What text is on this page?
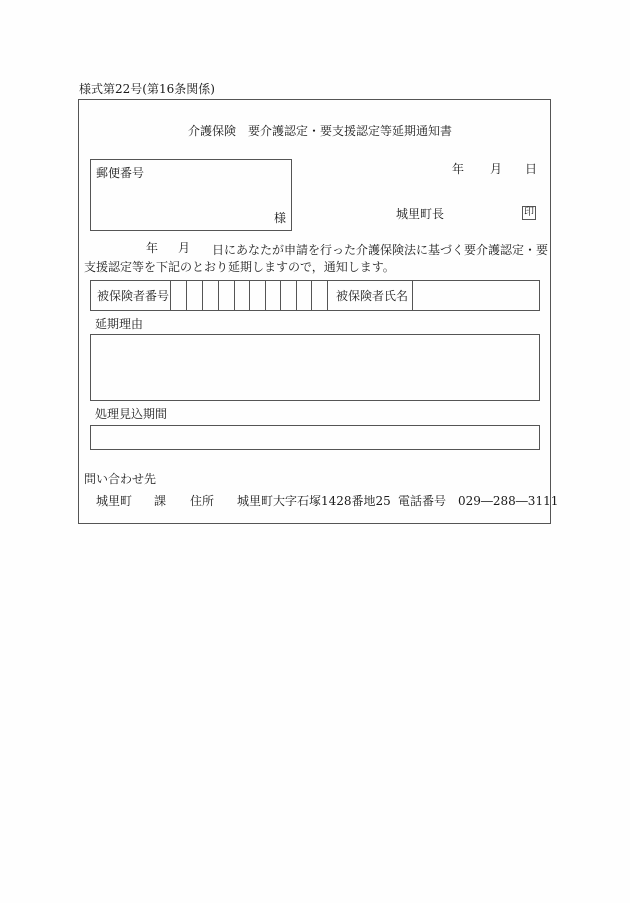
様式第22号(第16条関係)
介護保険　要介護認定・要支援認定等延期通知書
年 月 日
郵便番号
様	城里町長	印
年 月	日にあなたが申請を行った介護保険法に基づく要介護認定・要支援認定等を下記のとおり延期しますので，通知します。
被保険者番号	被保険者氏名
延期理由
処理見込期間
問い合わせ先
城里町 課 住所 城里町大字石塚1428番地25 電話番号 029―288―3111
